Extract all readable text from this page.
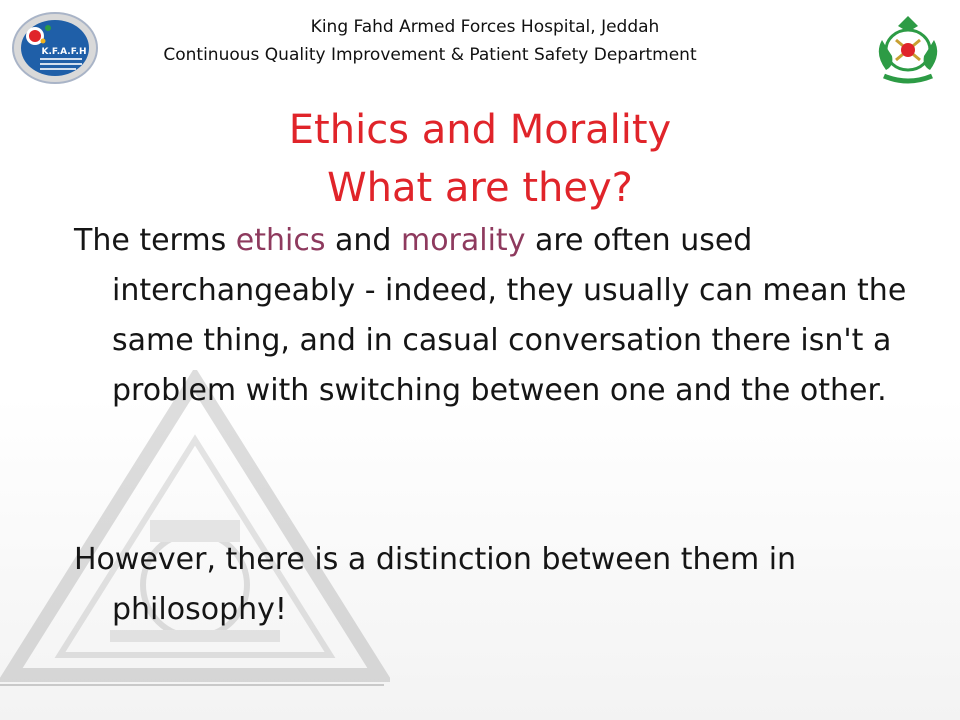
K.F.A.F.H
King Fahd Armed Forces Hospital, Jeddah
Continuous Quality Improvement & Patient Safety Department
Ethics and Morality
What are they?
The terms ethics and morality are often used interchangeably - indeed, they usually can mean the same thing, and in casual conversation there isn't a problem with switching between one and the other.
However, there is a distinction between them in philosophy!
